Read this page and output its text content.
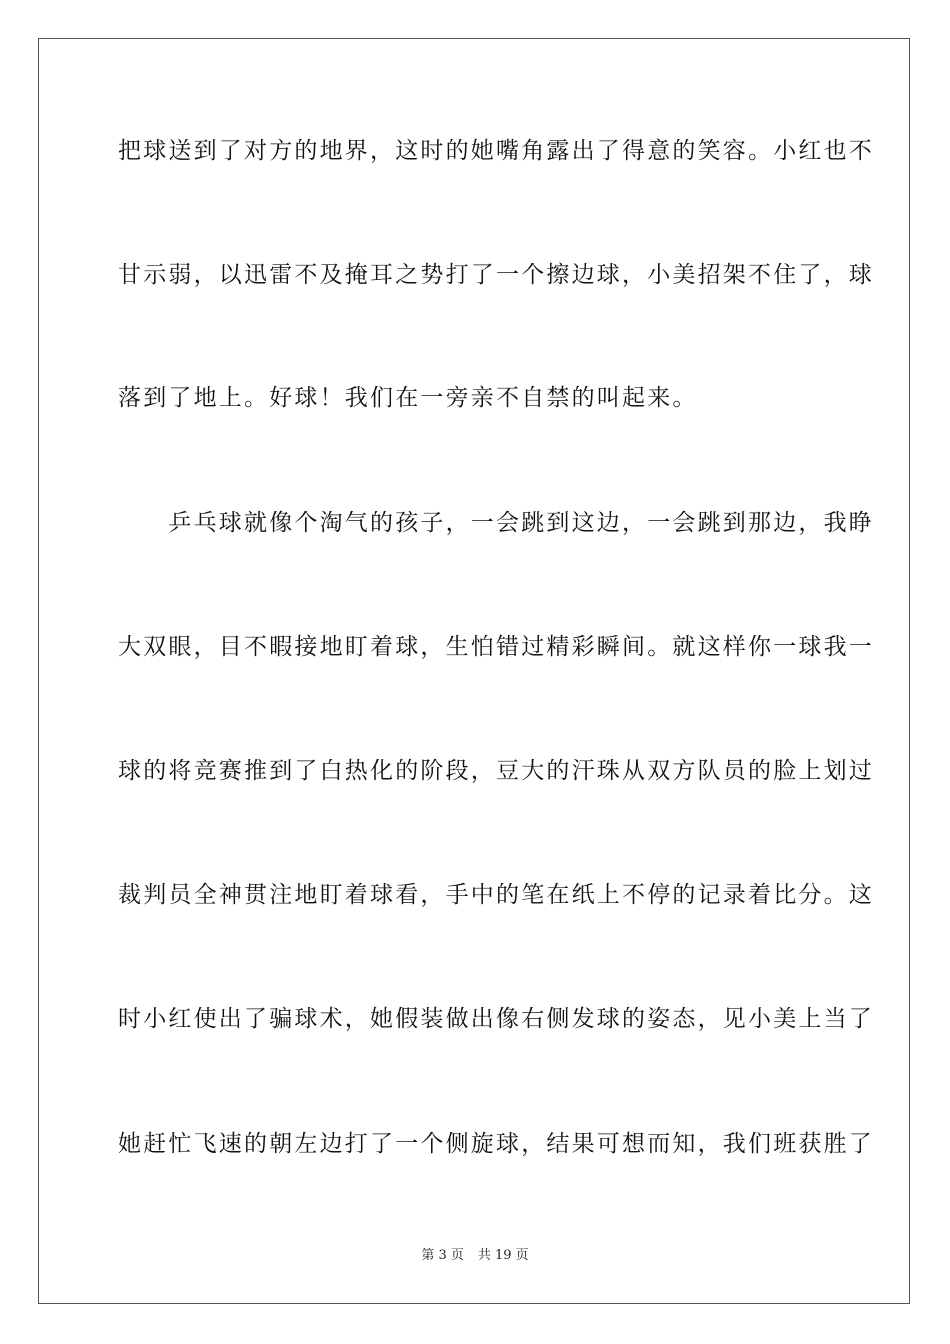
把球送到了对方的地界，这时的她嘴角露出了得意的笑容。小红也不
甘示弱，以迅雷不及掩耳之势打了一个擦边球，小美招架不住了，球
落到了地上。好球！我们在一旁亲不自禁的叫起来。
　　乒乓球就像个淘气的孩子，一会跳到这边，一会跳到那边，我睁
大双眼，目不暇接地盯着球，生怕错过精彩瞬间。就这样你一球我一
球的将竞赛推到了白热化的阶段，豆大的汗珠从双方队员的脸上划过
裁判员全神贯注地盯着球看，手中的笔在纸上不停的记录着比分。这
时小红使出了骗球术，她假装做出像右侧发球的姿态，见小美上当了
她赶忙飞速的朝左边打了一个侧旋球，结果可想而知，我们班获胜了
第 3 页 共 19 页
